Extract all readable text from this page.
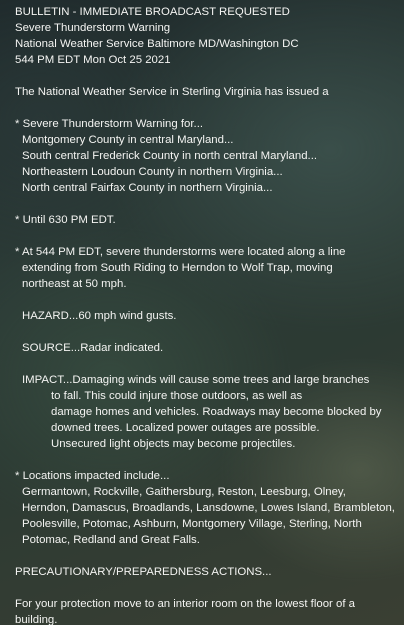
BULLETIN - IMMEDIATE BROADCAST REQUESTED
Severe Thunderstorm Warning
National Weather Service Baltimore MD/Washington DC
544 PM EDT Mon Oct 25 2021
The National Weather Service in Sterling Virginia has issued a
* Severe Thunderstorm Warning for...
Montgomery County in central Maryland...
South central Frederick County in north central Maryland...
Northeastern Loudoun County in northern Virginia...
North central Fairfax County in northern Virginia...
* Until 630 PM EDT.
* At 544 PM EDT, severe thunderstorms were located along a line
extending from South Riding to Herndon to Wolf Trap, moving
northeast at 50 mph.
HAZARD...60 mph wind gusts.
SOURCE...Radar indicated.
IMPACT...Damaging winds will cause some trees and large branches
to fall. This could injure those outdoors, as well as
damage homes and vehicles. Roadways may become blocked by
downed trees. Localized power outages are possible.
Unsecured light objects may become projectiles.
* Locations impacted include...
Germantown, Rockville, Gaithersburg, Reston, Leesburg, Olney,
Herndon, Damascus, Broadlands, Lansdowne, Lowes Island, Brambleton,
Poolesville, Potomac, Ashburn, Montgomery Village, Sterling, North
Potomac, Redland and Great Falls.
PRECAUTIONARY/PREPAREDNESS ACTIONS...
For your protection move to an interior room on the lowest floor of a
building.
